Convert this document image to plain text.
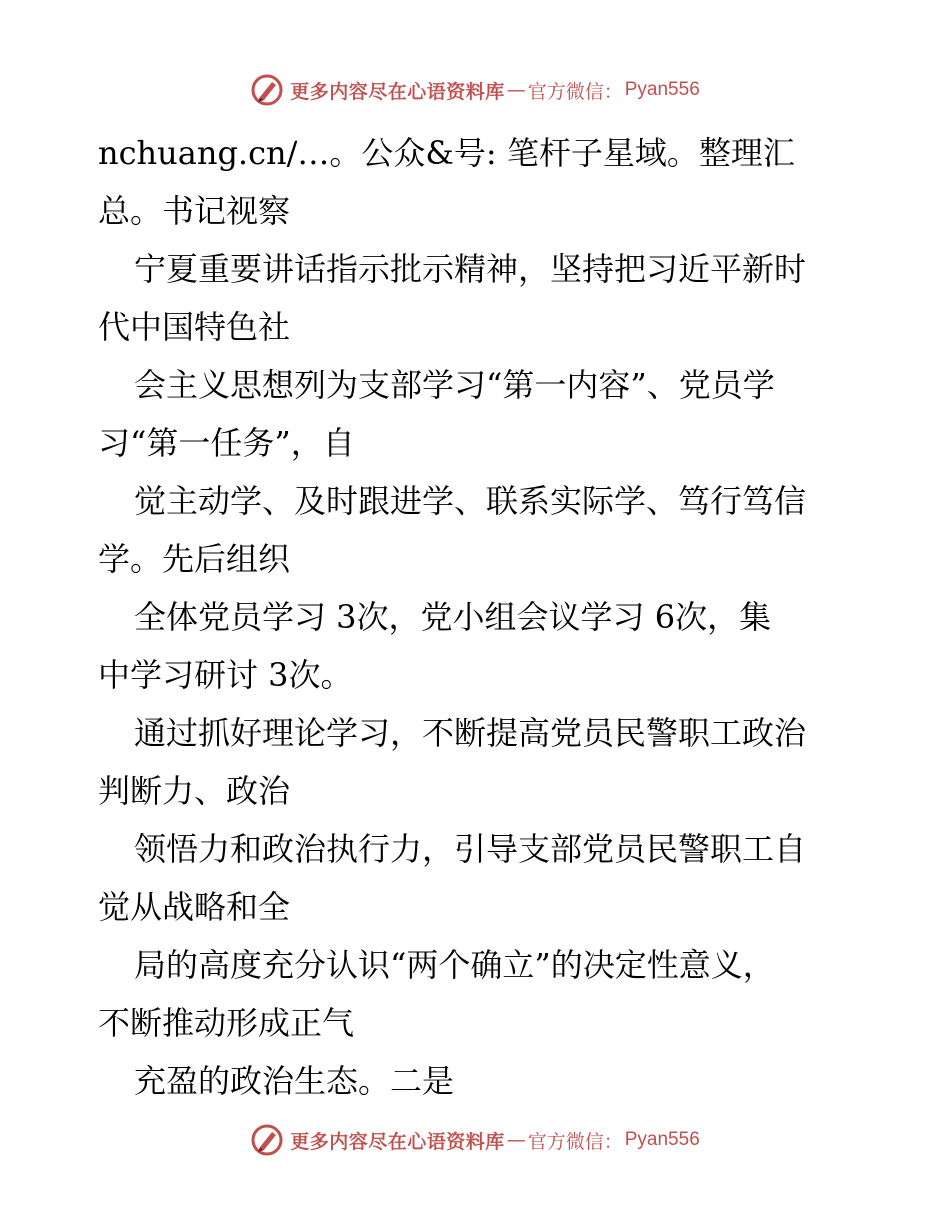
更多内容尽在心语资料库 — 官方微信： Pyan556
nchuang.cn/…。公众&号: 笔杆子星域。整理汇
总。书记视察
宁夏重要讲话指示批示精神，坚持把习近平新时
代中国特色社
会主义思想列为支部学习“第一内容”、党员学
习“第一任务”，自
觉主动学、及时跟进学、联系实际学、笃行笃信
学。先后组织
全体党员学习 3次，党小组会议学习 6次，集
中学习研讨 3次。
通过抓好理论学习，不断提高党员民警职工政治
判断力、政治
领悟力和政治执行力，引导支部党员民警职工自
觉从战略和全
局的高度充分认识“两个确立”的决定性意义，
不断推动形成正气
充盈的政治生态。二是
更多内容尽在心语资料库 — 官方微信： Pyan556
